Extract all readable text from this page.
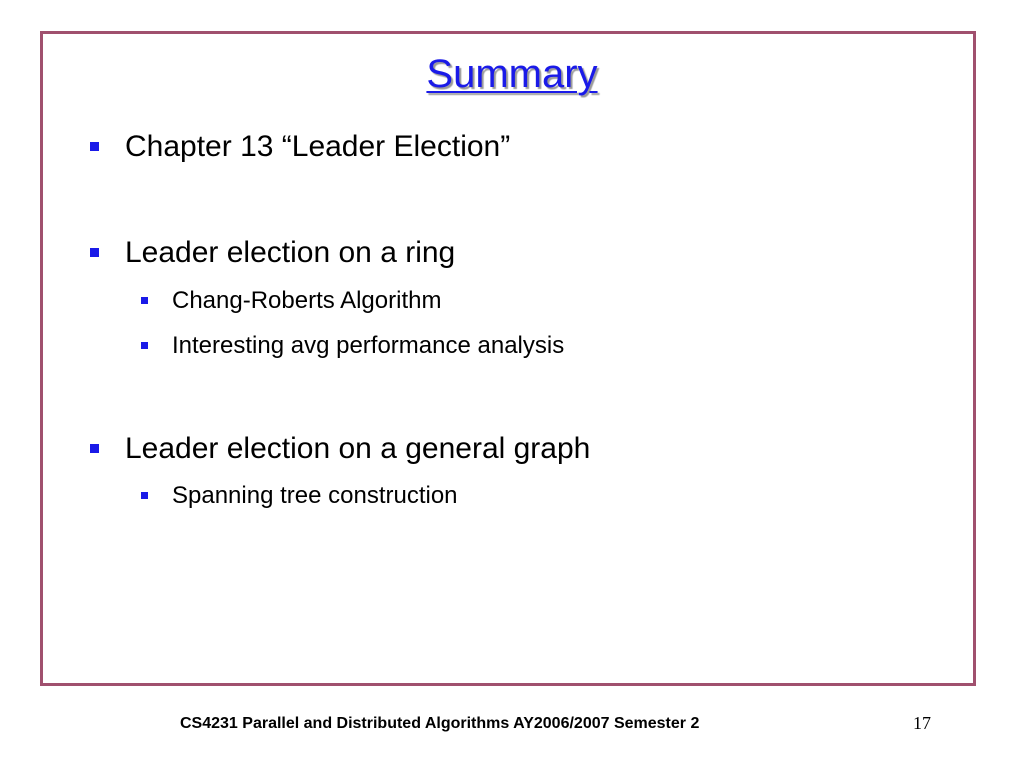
Summary
Chapter 13 “Leader Election”
Leader election on a ring
Chang-Roberts Algorithm
Interesting avg performance analysis
Leader election on a general graph
Spanning tree construction
CS4231 Parallel and Distributed Algorithms AY2006/2007 Semester 2	17
